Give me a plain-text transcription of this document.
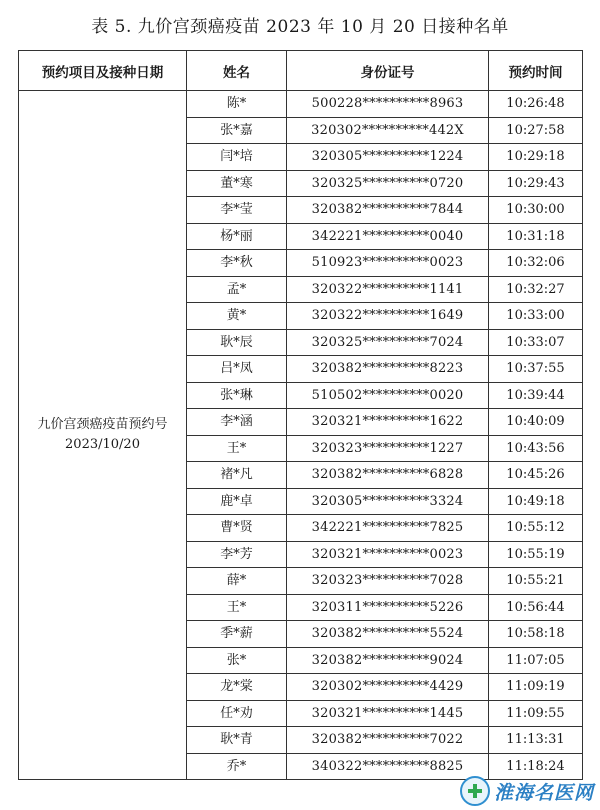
表 5. 九价宫颈癌疫苗 2023 年 10 月 20 日接种名单
预约项目及接种日期	姓名	身份证号	预约时间

九价宫颈癌疫苗预约号
2023/10/20	陈*	500228**********8963	10:26:48
	张*嘉	320302**********442X	10:27:58
	闫*培	320305**********1224	10:29:18
	董*寒	320325**********0720	10:29:43
	李*莹	320382**********7844	10:30:00
	杨*丽	342221**********0040	10:31:18
	李*秋	510923**********0023	10:32:06
	孟*	320322**********1141	10:32:27
	黄*	320322**********1649	10:33:00
	耿*辰	320325**********7024	10:33:07
	吕*凤	320382**********8223	10:37:55
	张*琳	510502**********0020	10:39:44
	李*涵	320321**********1622	10:40:09
	王*	320323**********1227	10:43:56
	褚*凡	320382**********6828	10:45:26
	鹿*卓	320305**********3324	10:49:18
	曹*贤	342221**********7825	10:55:12
	李*芳	320321**********0023	10:55:19
	薛*	320323**********7028	10:55:21
	王*	320311**********5226	10:56:44
	季*薪	320382**********5524	10:58:18
	张*	320382**********9024	11:07:05
	龙*棠	320302**********4429	11:09:19
	任*劝	320321**********1445	11:09:55
	耿*青	320382**********7022	11:13:31
	乔*	340322**********8825	11:18:24
淮海名医网
